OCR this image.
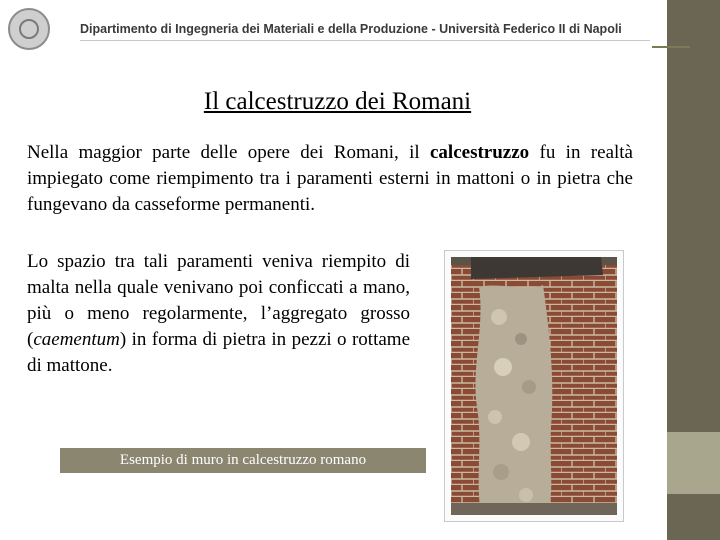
Dipartimento di Ingegneria dei Materiali e della Produzione - Università Federico II di Napoli
Il calcestruzzo dei Romani
Nella maggior parte delle opere dei Romani, il calcestruzzo fu in realtà impiegato come riempimento tra i paramenti esterni in mattoni o in pietra che fungevano da casseforme permanenti.
Lo spazio tra tali paramenti veniva riempito di malta nella quale venivano poi conficcati a mano, più o meno regolarmente, l’aggregato grosso (caementum) in forma di pietra in pezzi o rottame di mattone.
Esempio di muro in calcestruzzo romano
